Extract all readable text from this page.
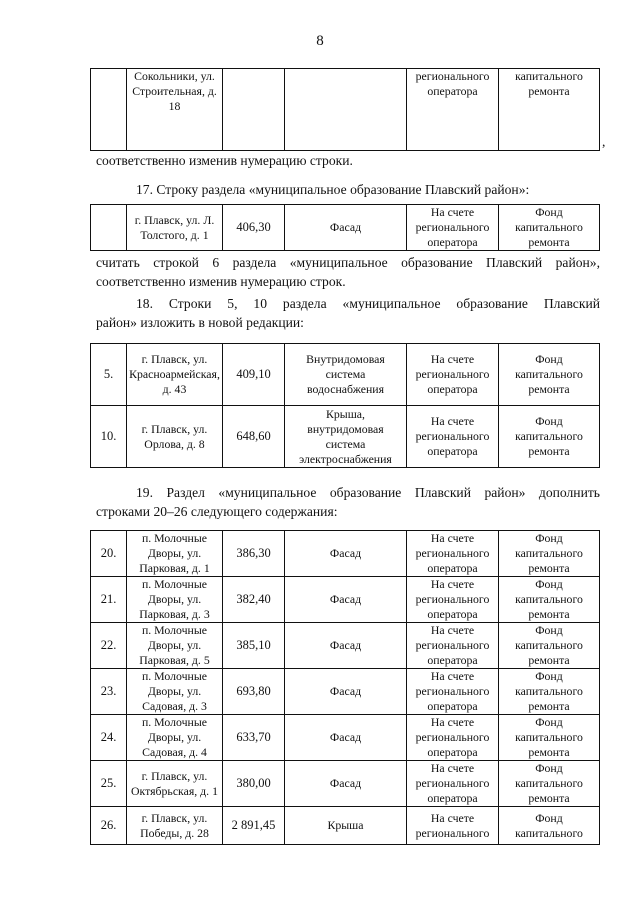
8
	Сокольники, ул. Строительная, д. 18			регионального оператора	капитального ремонта
,
соответственно изменив нумерацию строки.
17. Строку раздела «муниципальное образование Плавский район»:
	г. Плавск, ул. Л. Толстого, д. 1	406,30	Фасад	На счете регионального оператора	Фонд капитального ремонта
считать строкой 6 раздела «муниципальное образование Плавский район»,
соответственно изменив нумерацию строк.
18. Строки 5, 10 раздела «муниципальное образование Плавский
район» изложить в новой редакции:
5.	г. Плавск, ул. Красноармейская, д. 43	409,10	Внутридомовая система водоснабжения	На счете регионального оператора	Фонд капитального ремонта
10.	г. Плавск, ул. Орлова, д. 8	648,60	Крыша, внутридомовая система электроснабжения	На счете регионального оператора	Фонд капитального ремонта
19. Раздел «муниципальное образование Плавский район» дополнить
строками 20–26 следующего содержания:
20.	п. Молочные Дворы, ул. Парковая, д. 1	386,30	Фасад	На счете регионального оператора	Фонд капитального ремонта
21.	п. Молочные Дворы, ул. Парковая, д. 3	382,40	Фасад	На счете регионального оператора	Фонд капитального ремонта
22.	п. Молочные Дворы, ул. Парковая, д. 5	385,10	Фасад	На счете регионального оператора	Фонд капитального ремонта
23.	п. Молочные Дворы, ул. Садовая, д. 3	693,80	Фасад	На счете регионального оператора	Фонд капитального ремонта
24.	п. Молочные Дворы, ул. Садовая, д. 4	633,70	Фасад	На счете регионального оператора	Фонд капитального ремонта
25.	г. Плавск, ул. Октябрьская, д. 1	380,00	Фасад	На счете регионального оператора	Фонд капитального ремонта
26.	г. Плавск, ул. Победы, д. 28	2 891,45	Крыша	На счете регионального	Фонд капитального
